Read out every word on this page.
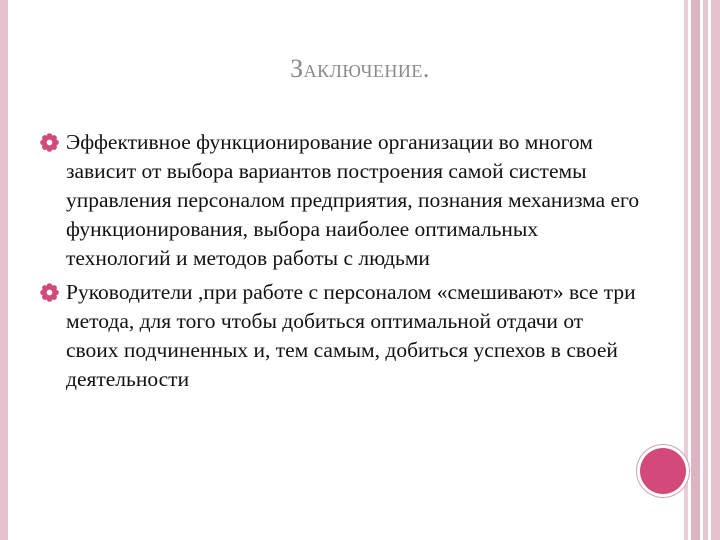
Заключение.
Эффективное функционирование организации во многом зависит от выбора вариантов построения самой системы управления персоналом предприятия, познания механизма его функционирования, выбора наиболее оптимальных технологий и методов работы с людьми
Руководители ,при работе с персоналом «смешивают» все три метода, для того чтобы добиться оптимальной отдачи от своих подчиненных и, тем самым, добиться успехов в своей деятельности
